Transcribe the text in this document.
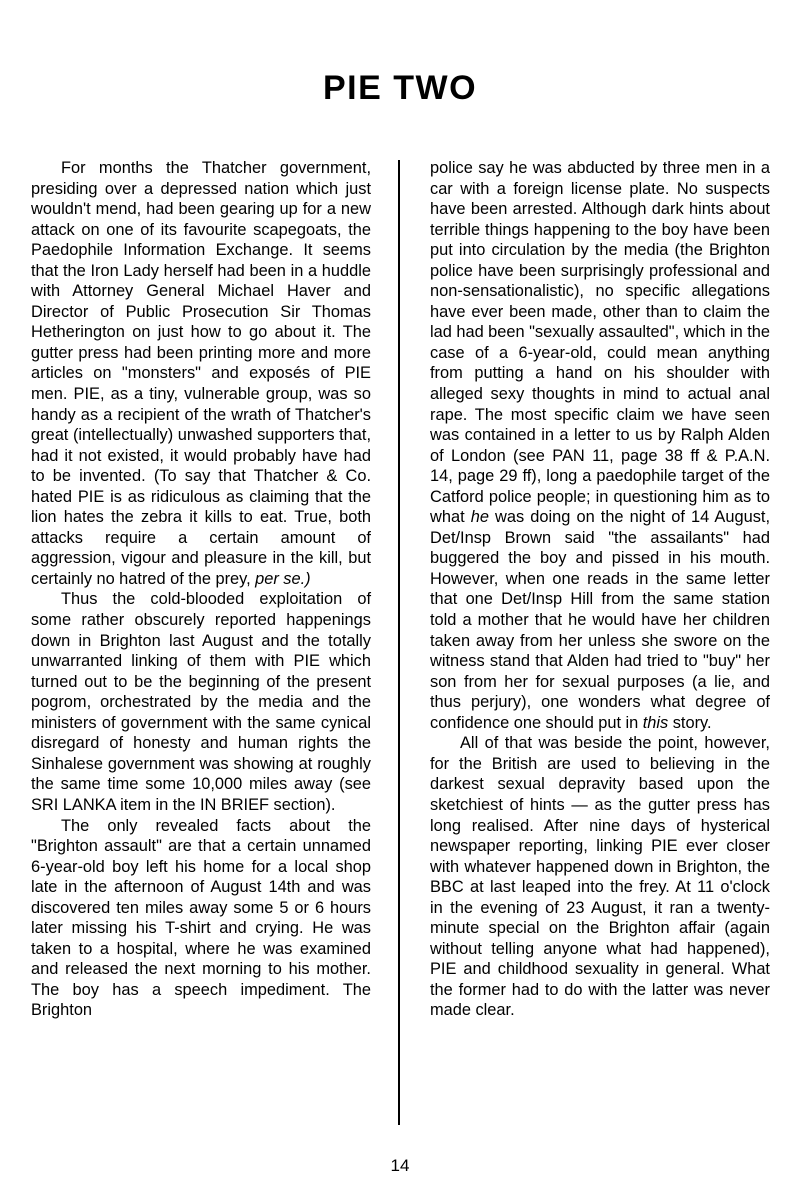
PIE TWO

For months the Thatcher government, presiding over a depressed nation which just wouldn't mend, had been gearing up for a new attack on one of its favourite scapegoats, the Paedophile Information Exchange. It seems that the Iron Lady herself had been in a huddle with Attorney General Michael Haver and Director of Public Prosecution Sir Thomas Hetherington on just how to go about it. The gutter press had been printing more and more articles on "monsters" and exposés of PIE men. PIE, as a tiny, vulnerable group, was so handy as a recipient of the wrath of Thatcher's great (intellectually) unwashed supporters that, had it not existed, it would probably have had to be invented. (To say that Thatcher & Co. hated PIE is as ridiculous as claiming that the lion hates the zebra it kills to eat. True, both attacks require a certain amount of aggression, vigour and pleasure in the kill, but certainly no hatred of the prey, per se.)

Thus the cold-blooded exploitation of some rather obscurely reported happenings down in Brighton last August and the totally unwarranted linking of them with PIE which turned out to be the beginning of the present pogrom, orchestrated by the media and the ministers of government with the same cynical disregard of honesty and human rights the Sinhalese government was showing at roughly the same time some 10,000 miles away (see SRI LANKA item in the IN BRIEF section).

The only revealed facts about the "Brighton assault" are that a certain unnamed 6-year-old boy left his home for a local shop late in the afternoon of August 14th and was discovered ten miles away some 5 or 6 hours later missing his T-shirt and crying. He was taken to a hospital, where he was examined and released the next morning to his mother. The boy has a speech impediment. The Brighton

police say he was abducted by three men in a car with a foreign license plate. No suspects have been arrested. Although dark hints about terrible things happening to the boy have been put into circulation by the media (the Brighton police have been surprisingly professional and non-sensationalistic), no specific allegations have ever been made, other than to claim the lad had been "sexually assaulted", which in the case of a 6-year-old, could mean anything from putting a hand on his shoulder with alleged sexy thoughts in mind to actual anal rape. The most specific claim we have seen was contained in a letter to us by Ralph Alden of London (see PAN 11, page 38 ff & P.A.N. 14, page 29 ff), long a paedophile target of the Catford police people; in questioning him as to what he was doing on the night of 14 August, Det/Insp Brown said "the assailants" had buggered the boy and pissed in his mouth. However, when one reads in the same letter that one Det/Insp Hill from the same station told a mother that he would have her children taken away from her unless she swore on the witness stand that Alden had tried to "buy" her son from her for sexual purposes (a lie, and thus perjury), one wonders what degree of confidence one should put in this story.

All of that was beside the point, however, for the British are used to believing in the darkest sexual depravity based upon the sketchiest of hints — as the gutter press has long realised. After nine days of hysterical newspaper reporting, linking PIE ever closer with whatever happened down in Brighton, the BBC at last leaped into the frey. At 11 o'clock in the evening of 23 August, it ran a twenty-minute special on the Brighton affair (again without telling anyone what had happened), PIE and childhood sexuality in general. What the former had to do with the latter was never made clear.

14
